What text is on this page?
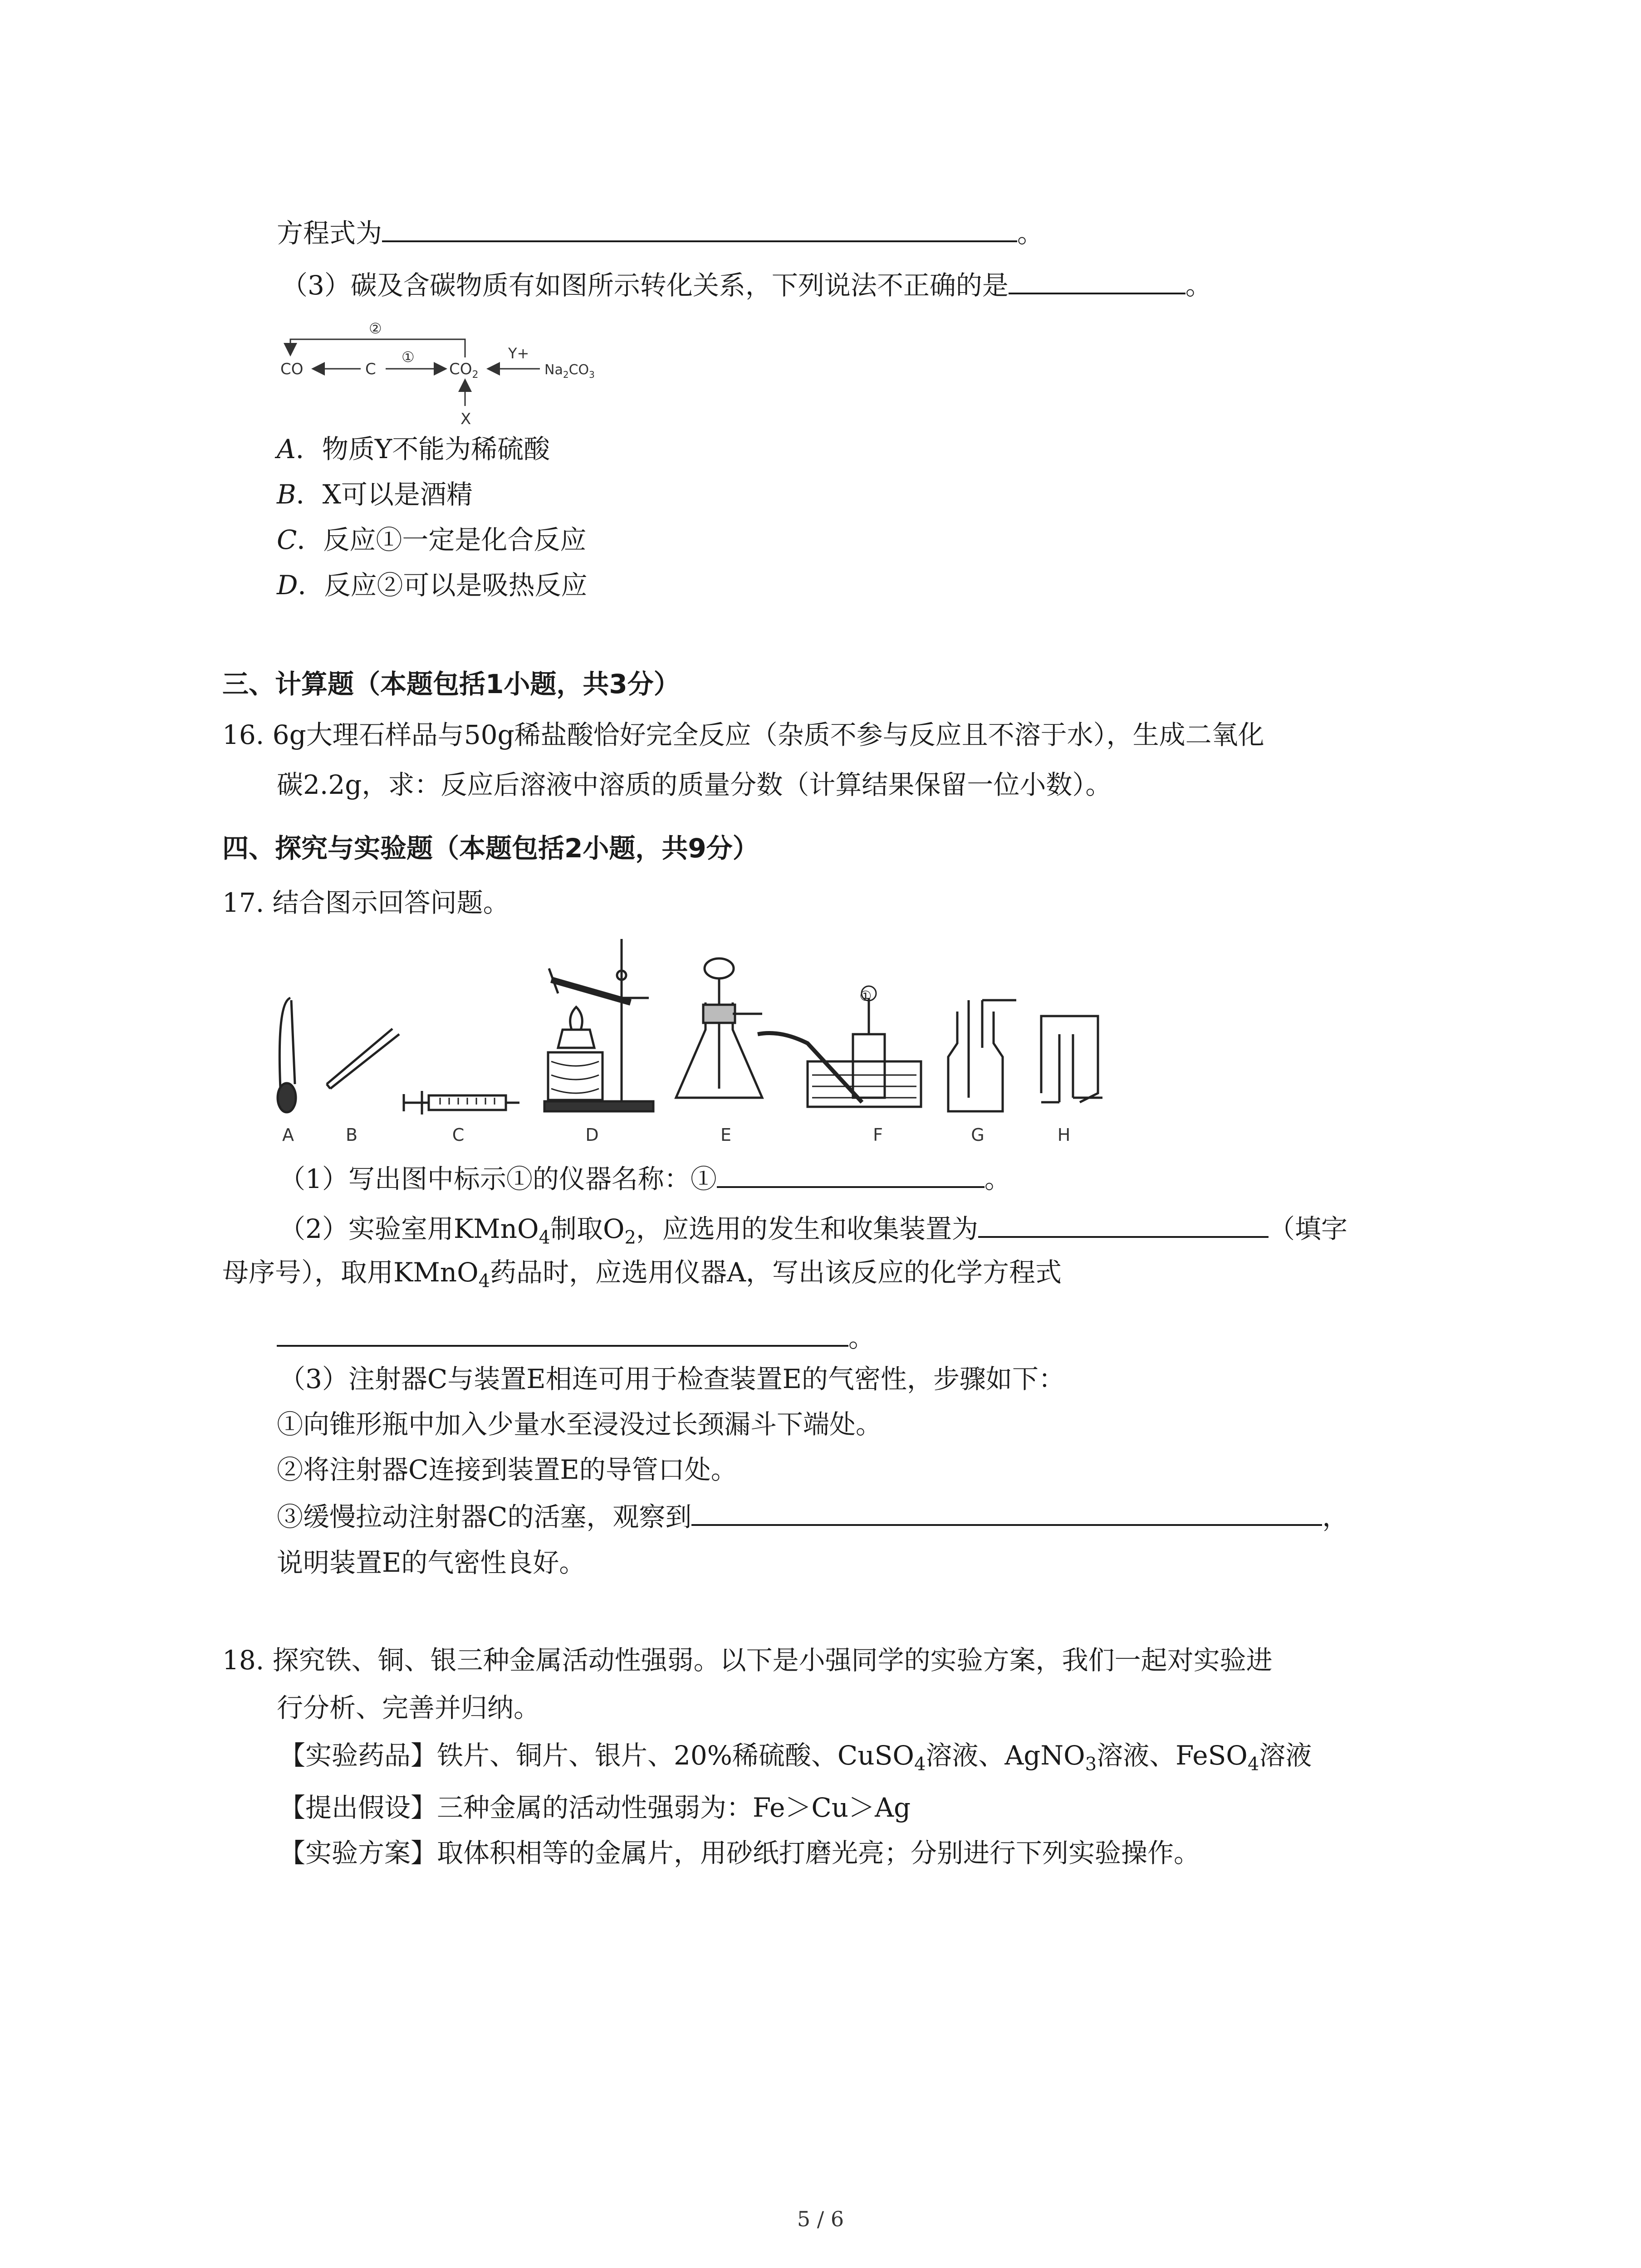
方程式为	。
（3）碳及含碳物质有如图所示转化关系，下列说法不正确的是	。
CO	C	$CO_2$	$Na_2CO_3$
X
Y+
①
②
A．物质Y不能为稀硫酸
B．X可以是酒精
C．反应①一定是化合反应
D．反应②可以是吸热反应
三、计算题（本题包括1小题，共3分）
16. 6g大理石样品与50g稀盐酸恰好完全反应（杂质不参与反应且不溶于水），生成二氧化
碳2.2g，求：反应后溶液中溶质的质量分数（计算结果保留一位小数）。
四、探究与实验题（本题包括2小题，共9分）
17. 结合图示回答问题。
①
A	B	C	D	E	F	G	H
（1）写出图中标示①的仪器名称：①	。
（2）实验室用KMnO$_4$制取$O_2$，应选用的发生和收集装置为	（填字
母序号），取用KMnO$_4$药品时，应选用仪器A，写出该反应的化学方程式
。
（3）注射器C与装置E相连可用于检查装置E的气密性，步骤如下：
①向锥形瓶中加入少量水至浸没过长颈漏斗下端处。
②将注射器C连接到装置E的导管口处。
③缓慢拉动注射器C的活塞，观察到	，
说明装置E的气密性良好。
18. 探究铁、铜、银三种金属活动性强弱。以下是小强同学的实验方案，我们一起对实验进
行分析、完善并归纳。
【实验药品】铁片、铜片、银片、20%稀硫酸、CuSO$_4$溶液、AgNO$_3$溶液、FeSO$_4$溶液
【提出假设】三种金属的活动性强弱为：Fe＞Cu＞Ag
【实验方案】取体积相等的金属片，用砂纸打磨光亮；分别进行下列实验操作。
5 / 6
